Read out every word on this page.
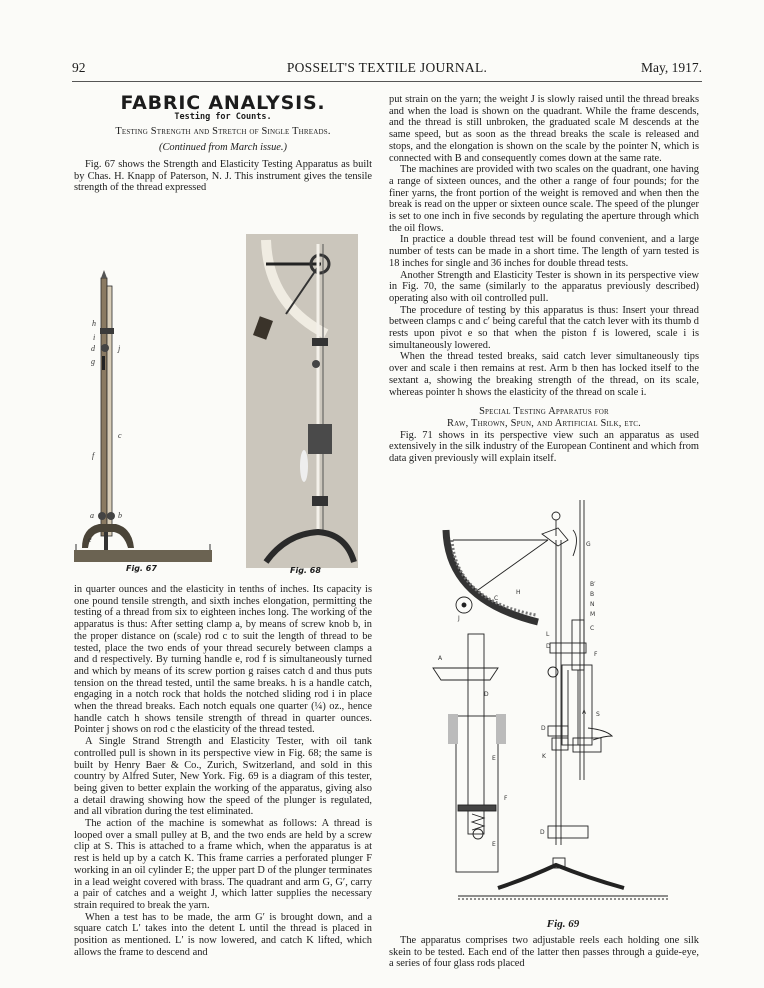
92	POSSELT'S TEXTILE JOURNAL.	May, 1917.
FABRIC ANALYSIS.
Testing for Counts.
Testing Strength and Stretch of Single Threads.
(Continued from March issue.)

Fig. 67 shows the Strength and Elasticity Testing Apparatus as built by Chas. H. Knapp of Paterson, N. J. This instrument gives the tensile strength of the thread expressed

h
i
d	j
g
c
f
a	b
e
Fig. 67	Fig. 68

in quarter ounces and the elasticity in tenths of inches. Its capacity is one pound tensile strength, and sixth inches elongation, permitting the testing of a thread from six to eighteen inches long. The working of the apparatus is thus: After setting clamp a, by means of screw knob b, in the proper distance on (scale) rod c to suit the length of thread to be tested, place the two ends of your thread securely between clamps a and d respectively. By turning handle e, rod f is simultaneously turned and which by means of its screw portion g raises catch d and thus puts tension on the thread tested, until the same breaks. h is a handle catch, engaging in a notch rock that holds the notched sliding rod i in place when the thread breaks. Each notch equals one quarter (¼) oz., hence handle catch h shows tensile strength of thread in quarter ounces. Pointer j shows on rod c the elasticity of the thread tested.

A Single Strand Strength and Elasticity Tester, with oil tank controlled pull is shown in its perspective view in Fig. 68; the same is built by Henry Baer & Co., Zurich, Switzerland, and sold in this country by Alfred Suter, New York. Fig. 69 is a diagram of this tester, being given to better explain the working of the apparatus, giving also a detail drawing showing how the speed of the plunger is regulated, and all vibration during the test eliminated.

The action of the machine is somewhat as follows: A thread is looped over a small pulley at B, and the two ends are held by a screw clip at S. This is attached to a frame which, when the apparatus is at rest is held up by a catch K. This frame carries a perforated plunger F working in an oil cylinder E; the upper part D of the plunger terminates in a lead weight covered with brass. The quadrant and arm G, G′, carry a pair of catches and a weight J, which latter supplies the necessary strain required to break the yarn.

When a test has to be made, the arm G′ is brought down, and a square catch L′ takes into the detent L until the thread is placed in position as mentioned. L′ is now lowered, and catch K lifted, which allows the frame to descend and

put strain on the yarn; the weight J is slowly raised until the thread breaks and when the load is shown on the quadrant. While the frame descends, and the thread is still unbroken, the graduated scale M descends at the same speed, but as soon as the thread breaks the scale is released and stops, and the elongation is shown on the scale by the pointer N, which is connected with B and consequently comes down at the same rate.

The machines are provided with two scales on the quadrant, one having a range of sixteen ounces, and the other a range of four pounds; for the finer yarns, the front portion of the weight is removed and when then the break is read on the upper or sixteen ounce scale. The speed of the plunger is set to one inch in five seconds by regulating the aperture through which the oil flows.

In practice a double thread test will be found convenient, and a large number of tests can be made in a short time. The length of yarn tested is 18 inches for single and 36 inches for double thread tests.

Another Strength and Elasticity Tester is shown in its perspective view in Fig. 70, the same (similarly to the apparatus previously described) operating also with oil controlled pull.

The procedure of testing by this apparatus is thus: Insert your thread between clamps c and c′ being careful that the catch lever with its thumb d rests upon pivot e so that when the piston f is lowered, scale i is simultaneously lowered.

When the thread tested breaks, said catch lever simultaneously tips over and scale i then remains at rest. Arm b then has locked itself to the sextant a, showing the breaking strength of the thread, on its scale, whereas pointer h shows the elasticity of the thread on scale i.

Special Testing Apparatus for
Raw, Thrown, Spun, and Artificial Silk, etc.

Fig. 71 shows in its perspective view such an apparatus as used extensively in the silk industry of the European Continent and which from data given previously will explain itself.

G
B′
B
N
M
H
C
J
L
C
D
F
A
D
A S
D
K
E
F
E
D
Fig. 69

The apparatus comprises two adjustable reels each holding one silk skein to be tested. Each end of the latter then passes through a guide-eye, a series of four glass rods placed
